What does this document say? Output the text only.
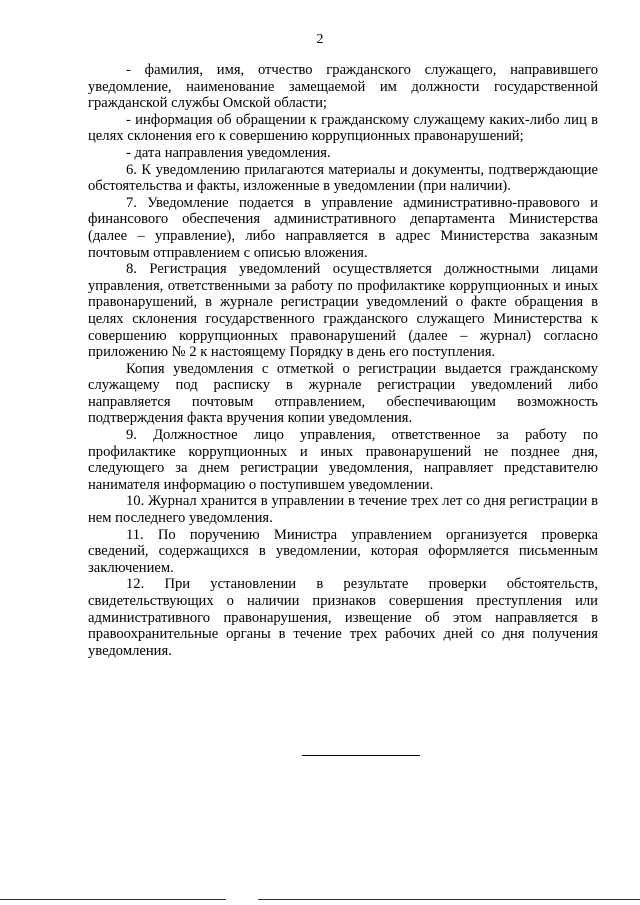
2

- фамилия, имя, отчество гражданского служащего, направившего уведомление, наименование замещаемой им должности государственной гражданской службы Омской области;

- информация об обращении к гражданскому служащему каких-либо лиц в целях склонения его к совершению коррупционных правонарушений;

- дата направления уведомления.

6. К уведомлению прилагаются материалы и документы, подтверждающие обстоятельства и факты, изложенные в уведомлении (при наличии).

7. Уведомление подается в управление административно-правового и финансового обеспечения административного департамента Министерства (далее – управление), либо направляется в адрес Министерства заказным почтовым отправлением с описью вложения.

8. Регистрация уведомлений осуществляется должностными лицами управления, ответственными за работу по профилактике коррупционных и иных правонарушений, в журнале регистрации уведомлений о факте обращения в целях склонения государственного гражданского служащего Министерства к совершению коррупционных правонарушений (далее – журнал) согласно приложению № 2 к настоящему Порядку в день его поступления.

Копия уведомления с отметкой о регистрации выдается гражданскому служащему под расписку в журнале регистрации уведомлений либо направляется почтовым отправлением, обеспечивающим возможность подтверждения факта вручения копии уведомления.

9. Должностное лицо управления, ответственное за работу по профилактике коррупционных и иных правонарушений не позднее дня, следующего за днем регистрации уведомления, направляет представителю нанимателя информацию о поступившем уведомлении.

10. Журнал хранится в управлении в течение трех лет со дня регистрации в нем последнего уведомления.

11. По поручению Министра управлением организуется проверка сведений, содержащихся в уведомлении, которая оформляется письменным заключением.

12. При установлении в результате проверки обстоятельств, свидетельствующих о наличии признаков совершения преступления или административного правонарушения, извещение об этом направляется в правоохранительные органы в течение трех рабочих дней со дня получения уведомления.
